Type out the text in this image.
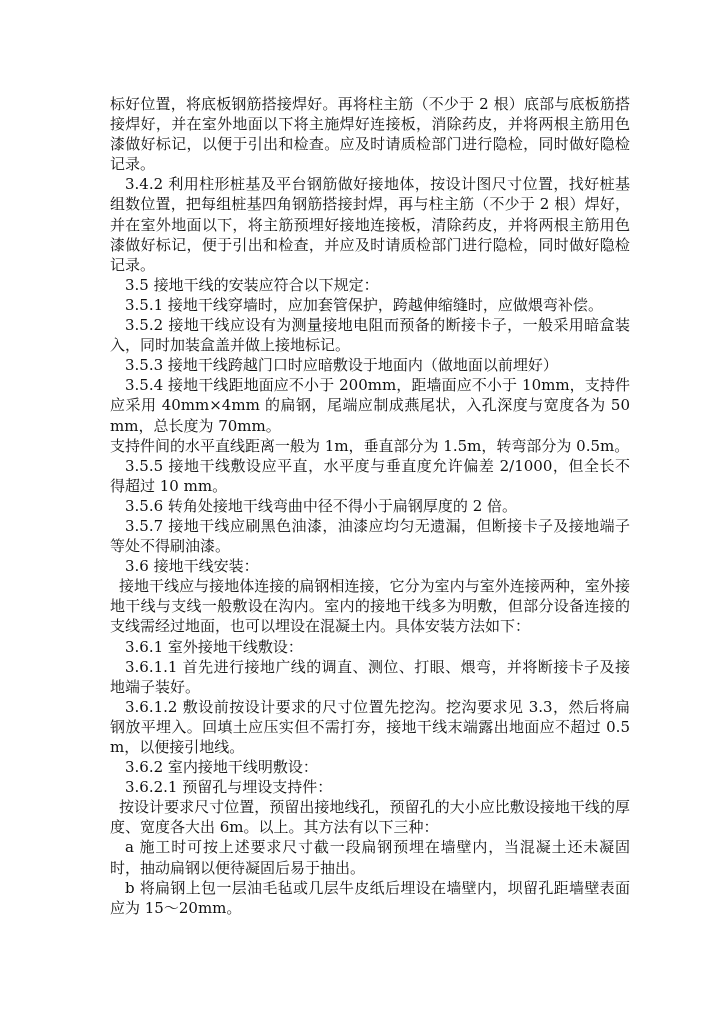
标好位置，将底板钢筋搭接焊好。再将柱主筋（不少于 2 根）底部与底板筋搭接焊好，并在室外地面以下将主施焊好连接板，消除药皮，并将两根主筋用色漆做好标记，以便于引出和检查。应及时请质检部门进行隐检，同时做好隐检记录。

3.4.2 利用柱形桩基及平台钢筋做好接地体，按设计图尺寸位置，找好桩基组数位置，把每组桩基四角钢筋搭接封焊，再与柱主筋（不少于 2 根）焊好，并在室外地面以下，将主筋预埋好接地连接板，清除药皮，并将两根主筋用色漆做好标记，便于引出和检查，并应及时请质检部门进行隐检，同时做好隐检记录。

3.5 接地干线的安装应符合以下规定：

3.5.1 接地干线穿墙时，应加套管保护，跨越伸缩缝时，应做煨弯补偿。

3.5.2 接地干线应设有为测量接地电阻而预备的断接卡子，一般采用暗盒装入，同时加装盒盖并做上接地标记。

3.5.3 接地干线跨越门口时应暗敷设于地面内（做地面以前埋好）

3.5.4 接地干线距地面应不小于 200mm，距墙面应不小于 10mm，支持件应采用 40mm×4mm 的扁钢，尾端应制成燕尾状，入孔深度与宽度各为 50mm，总长度为 70mm。

支持件间的水平直线距离一般为 1m，垂直部分为 1.5m，转弯部分为 0.5m。

3.5.5 接地干线敷设应平直，水平度与垂直度允许偏差 2/1000，但全长不得超过 10 mm。

3.5.6 转角处接地干线弯曲中径不得小于扁钢厚度的 2 倍。

3.5.7 接地干线应刷黑色油漆，油漆应均匀无遗漏，但断接卡子及接地端子等处不得刷油漆。

3.6 接地干线安装：

接地干线应与接地体连接的扁钢相连接，它分为室内与室外连接两种，室外接地干线与支线一般敷设在沟内。室内的接地干线多为明敷，但部分设备连接的支线需经过地面，也可以埋设在混凝土内。具体安装方法如下：

3.6.1 室外接地干线敷设：

3.6.1.1 首先进行接地广线的调直、测位、打眼、煨弯，并将断接卡子及接地端子装好。

3.6.1.2 敷设前按设计要求的尺寸位置先挖沟。挖沟要求见 3.3，然后将扁钢放平埋入。回填土应压实但不需打夯，接地干线末端露出地面应不超过 0.5m，以便接引地线。

3.6.2 室内接地干线明敷设：

3.6.2.1 预留孔与埋设支持件：

按设计要求尺寸位置，预留出接地线孔，预留孔的大小应比敷设接地干线的厚度、宽度各大出 6m。以上。其方法有以下三种：

a 施工时可按上述要求尺寸截一段扁钢预埋在墙壁内，当混凝土还未凝固时，抽动扁钢以便待凝固后易于抽出。

b 将扁钢上包一层油毛毡或几层牛皮纸后埋设在墙壁内，坝留孔距墙壁表面应为 15～20mm。
